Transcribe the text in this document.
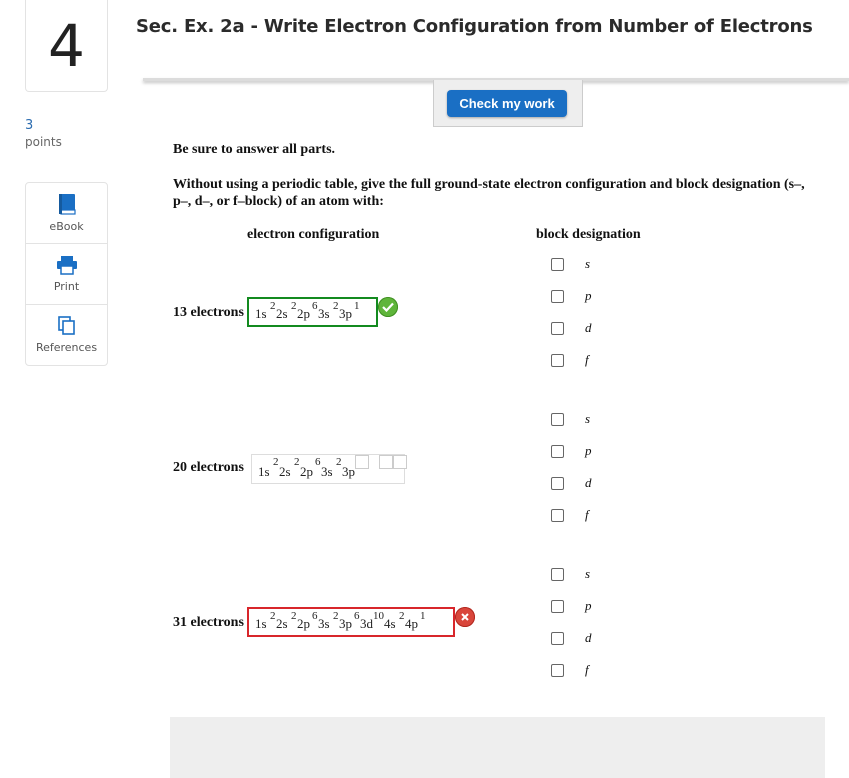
4	Sec. Ex. 2a - Write Electron Configuration from Number of Electrons
3
points
eBook
Print
References
Check my work
Be sure to answer all parts.
Without using a periodic table, give the full ground-state electron configuration and block designation (s–, p–, d–, or f–block) of an atom with:
electron configuration	block designation
13 electrons 1s 2 2s 2 2p 6 3s 2 3p 1
20 electrons 1s
2
2s
2
2p
6
3s
2
3p
31 electrons 1s 2 2s 2 2p 6 3s 2 3p 6 3d 10 4s 2 4p 1
s
p
d
f
s
p
d
f
s
p
d
f
